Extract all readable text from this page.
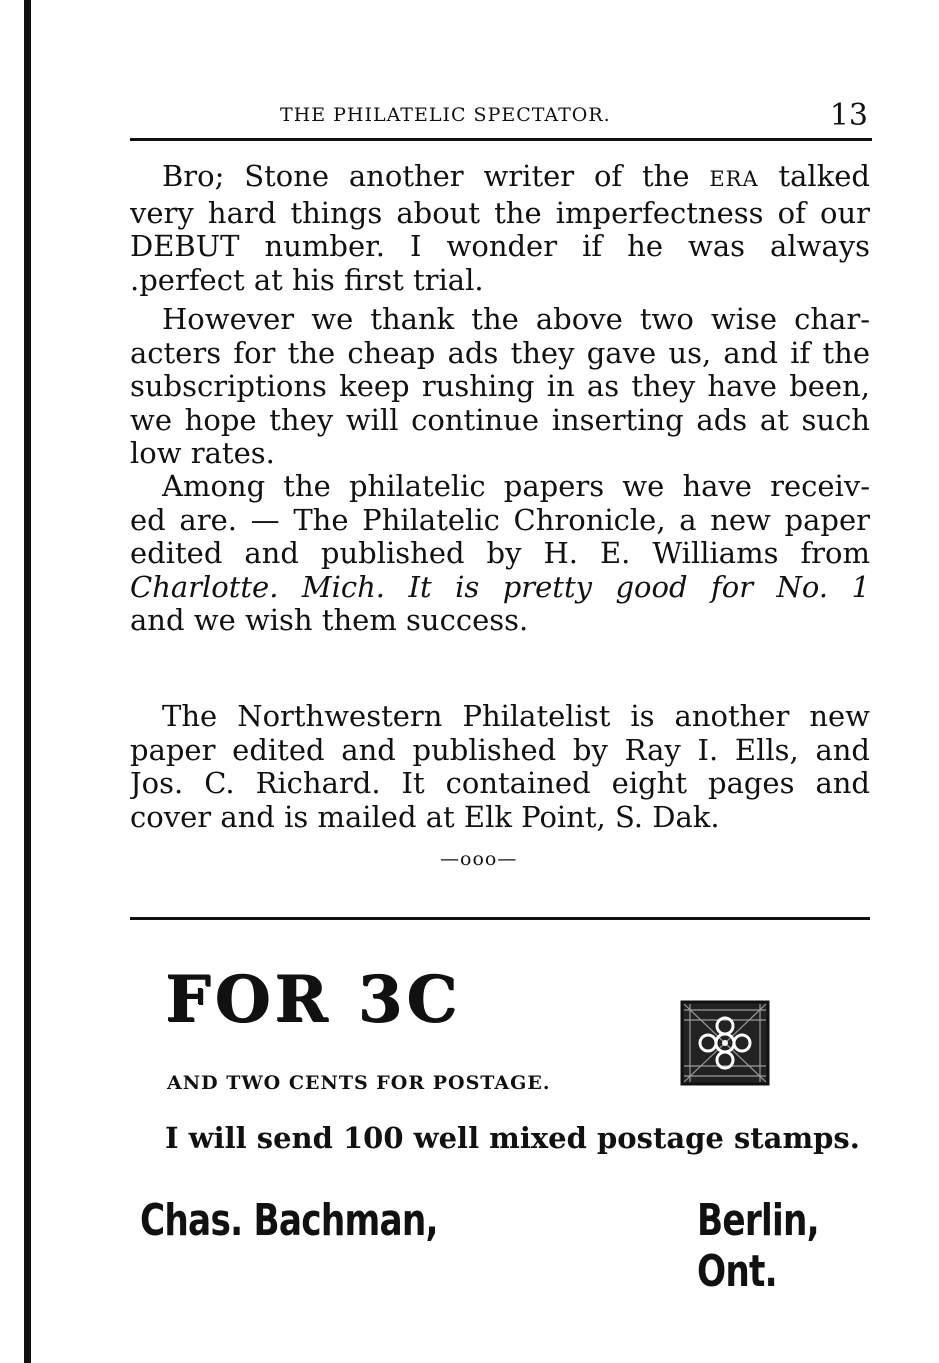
THE PHILATELIC SPECTATOR.	13
Bro; Stone another writer of the ERA talked
very hard things about the imperfectness of our
DEBUT number. I wonder if he was always
.perfect at his first trial.
However we thank the above two wise char-
acters for the cheap ads they gave us, and if the
subscriptions keep rushing in as they have been,
we hope they will continue inserting ads at such
low rates.
Among the philatelic papers we have receiv-
ed are. — The Philatelic Chronicle, a new paper
edited and published by H. E. Williams from
Charlotte. Mich. It is pretty good for No. 1
and we wish them success.
The Northwestern Philatelist is another new
paper edited and published by Ray I. Ells, and
Jos. C. Richard. It contained eight pages and
cover and is mailed at Elk Point, S. Dak.
—ooo—
FOR 3C
AND TWO CENTS FOR POSTAGE.
I will send 100 well mixed postage stamps.
Chas. Bachman,	Berlin, Ont.
